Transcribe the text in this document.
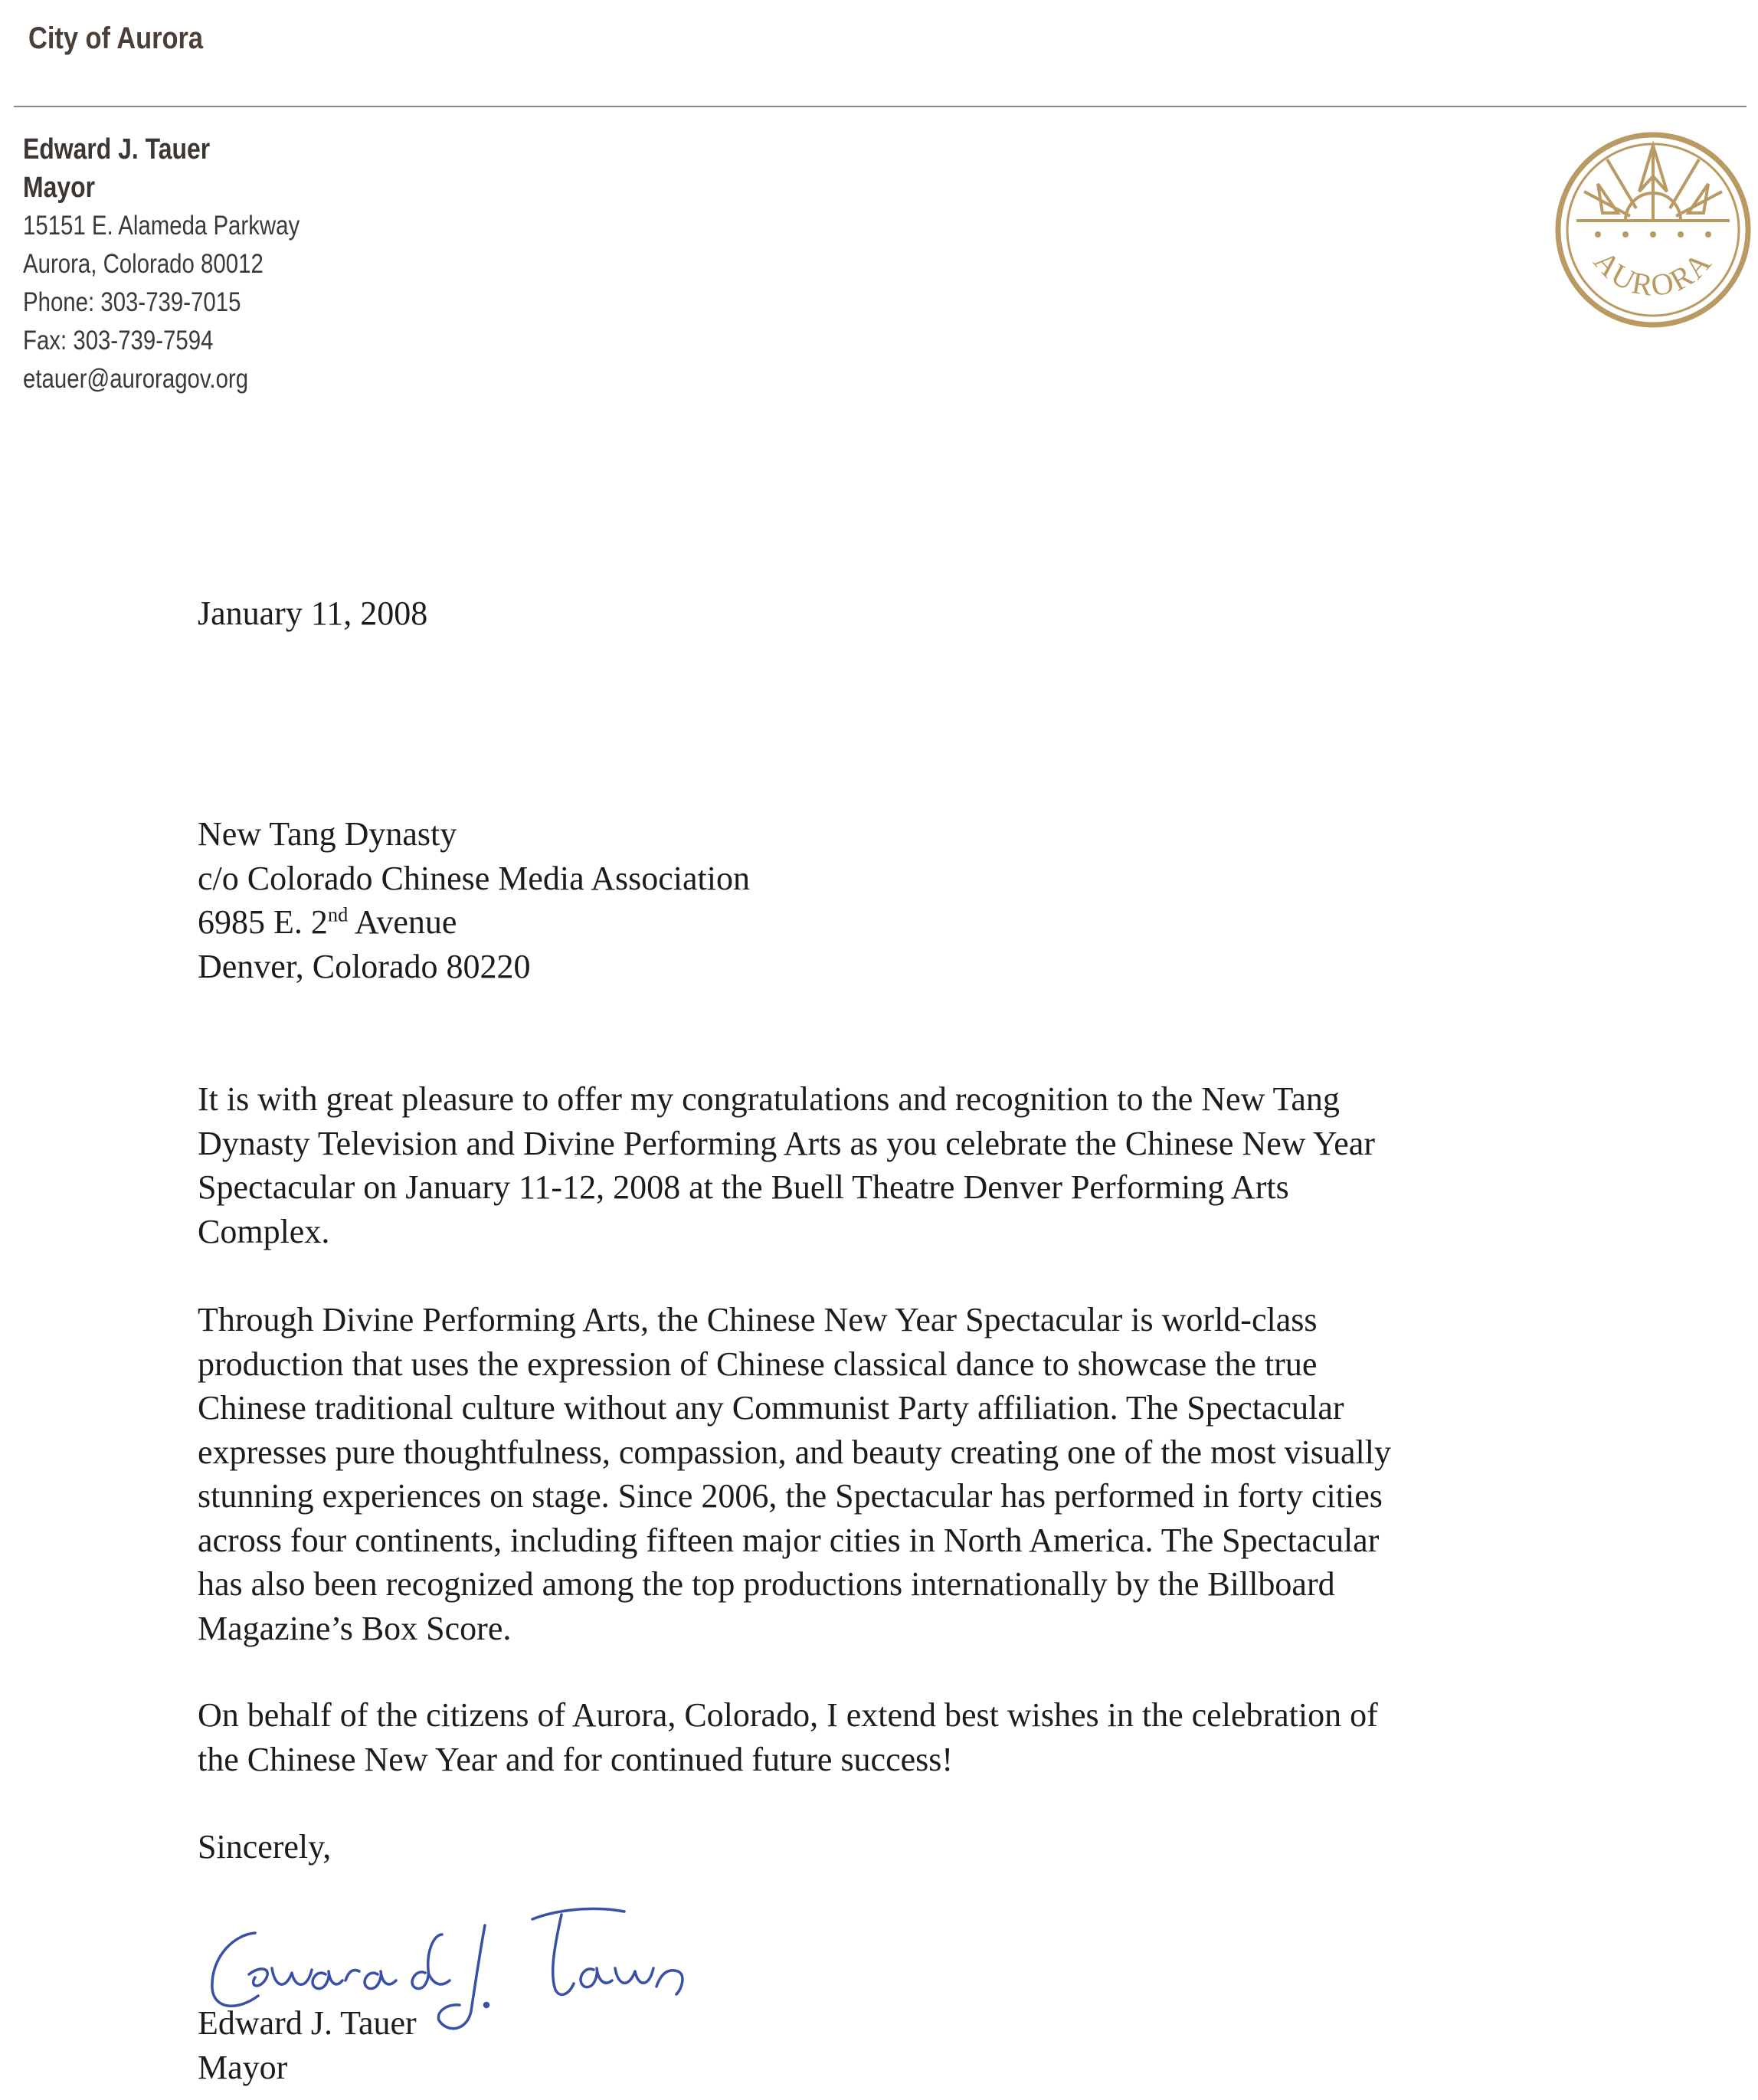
City of Aurora
Edward J. Tauer
Mayor
15151 E. Alameda Parkway
Aurora, Colorado 80012
Phone: 303-739-7015
Fax: 303-739-7594
etauer@auroragov.org
AURORA
January 11, 2008

New Tang Dynasty

c/o Colorado Chinese Media Association

6985 E. 2nd Avenue

Denver, Colorado 80220

It is with great pleasure to offer my congratulations and recognition to the New Tang

Dynasty Television and Divine Performing Arts as you celebrate the Chinese New Year

Spectacular on January 11-12, 2008 at the Buell Theatre Denver Performing Arts

Complex.

Through Divine Performing Arts, the Chinese New Year Spectacular is world-class

production that uses the expression of Chinese classical dance to showcase the true

Chinese traditional culture without any Communist Party affiliation. The Spectacular

expresses pure thoughtfulness, compassion, and beauty creating one of the most visually

stunning experiences on stage. Since 2006, the Spectacular has performed in forty cities

across four continents, including fifteen major cities in North America. The Spectacular

has also been recognized among the top productions internationally by the Billboard

Magazine’s Box Score.

On behalf of the citizens of Aurora, Colorado, I extend best wishes in the celebration of

the Chinese New Year and for continued future success!

Sincerely,

Edward J. Tauer

Mayor
